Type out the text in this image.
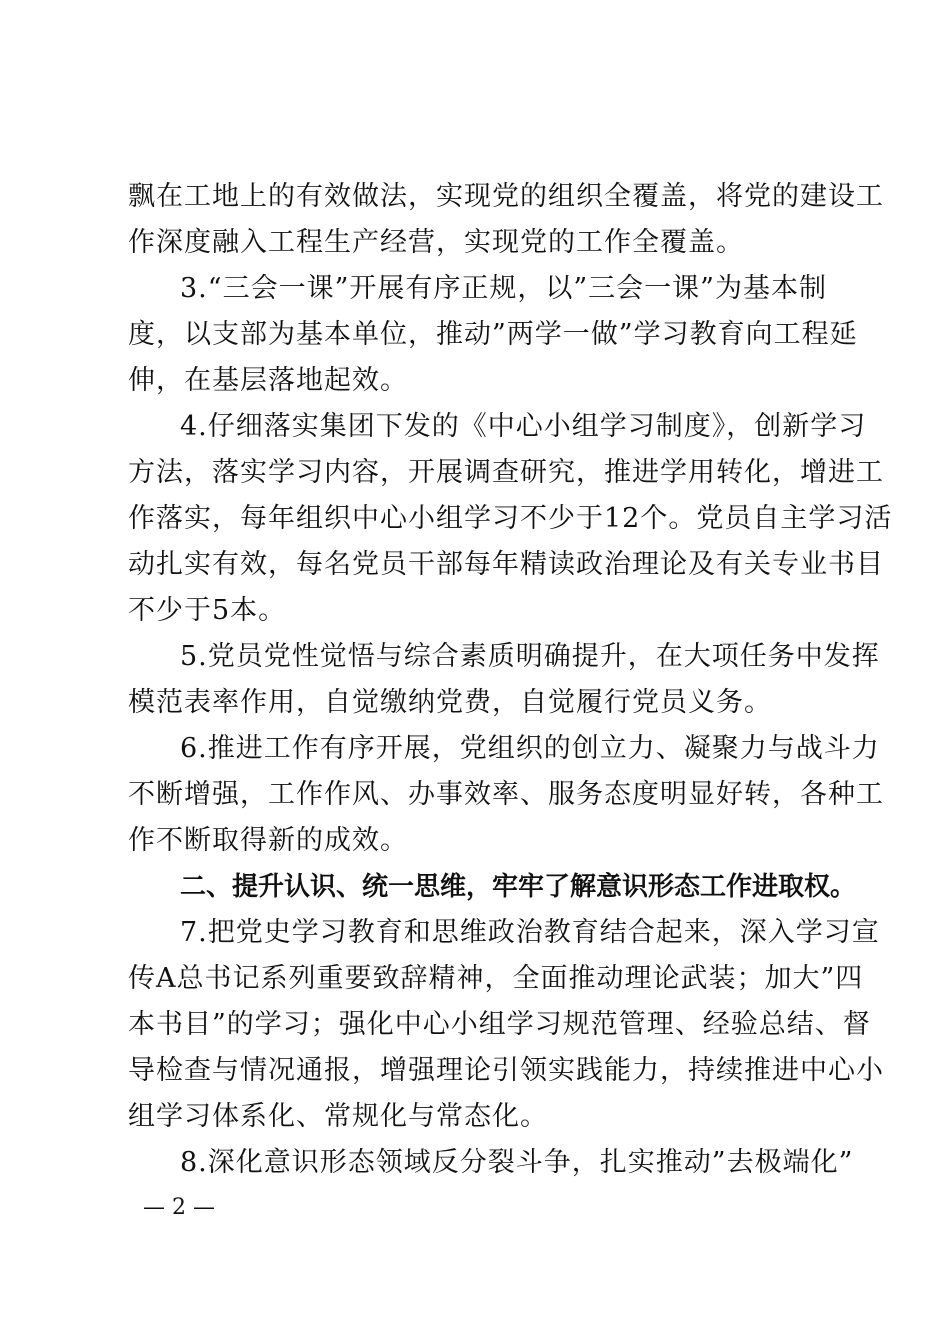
飘在工地上的有效做法，实现党的组织全覆盖，将党的建设工
作深度融入工程生产经营，实现党的工作全覆盖。
3.“三会一课”开展有序正规，以”三会一课”为基本制
度，以支部为基本单位，推动”两学一做”学习教育向工程延
伸，在基层落地起效。
4.仔细落实集团下发的《中心小组学习制度》，创新学习
方法，落实学习内容，开展调查研究，推进学用转化，增进工
作落实，每年组织中心小组学习不少于12个。党员自主学习活
动扎实有效，每名党员干部每年精读政治理论及有关专业书目
不少于5本。
5.党员党性觉悟与综合素质明确提升，在大项任务中发挥
模范表率作用，自觉缴纳党费，自觉履行党员义务。
6.推进工作有序开展，党组织的创立力、凝聚力与战斗力
不断增强，工作作风、办事效率、服务态度明显好转，各种工
作不断取得新的成效。
二、提升认识、统一思维，牢牢了解意识形态工作进取权。
7.把党史学习教育和思维政治教育结合起来，深入学习宣
传A总书记系列重要致辞精神，全面推动理论武装；加大”四
本书目”的学习；强化中心小组学习规范管理、经验总结、督
导检查与情况通报，增强理论引领实践能力，持续推进中心小
组学习体系化、常规化与常态化。
8.深化意识形态领域反分裂斗争，扎实推动”去极端化”
— 2 —
